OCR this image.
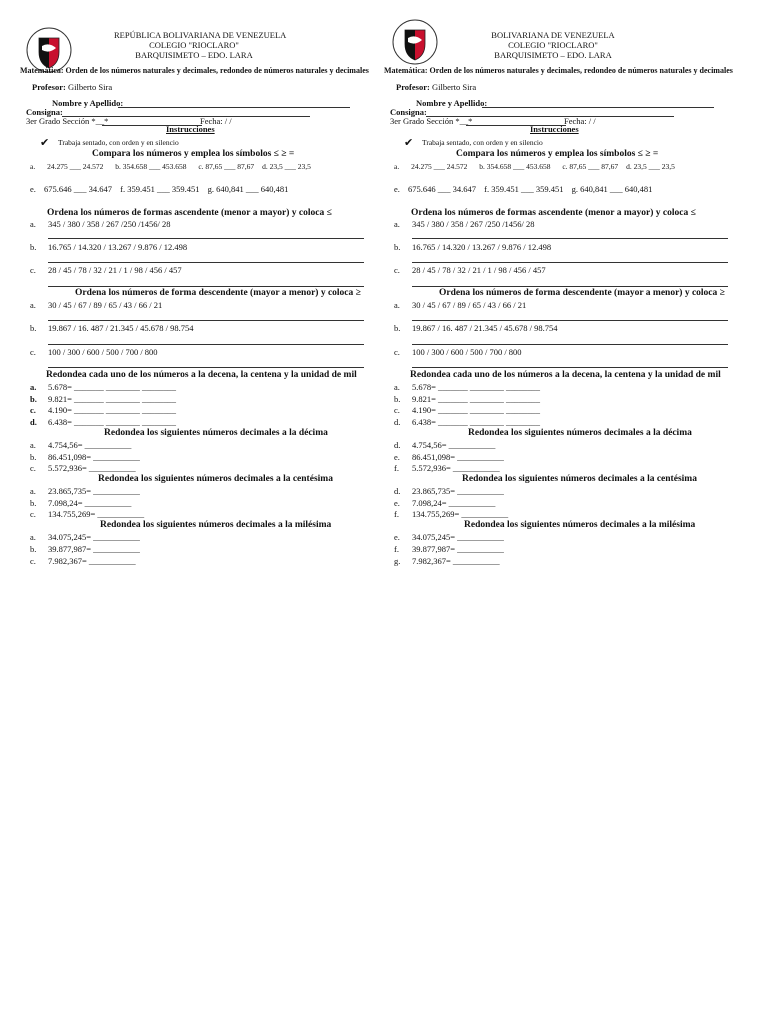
REPÚBLICA BOLIVARIANA DE VENEZUELA
COLEGIO "RIOCLARO"
BARQUISIMETO – EDO. LARA
Matemática: Orden de los números naturales y decimales, redondeo de números naturales y decimales
Profesor: Gilberto Sira
Nombre y Apellido:
Consigna:
3er Grado Sección *__*	Fecha: / /
Instrucciones
✔ Trabaja sentado, con orden y en silencio
Compara los números y emplea los símbolos ≤ ≥ =
a. 24.275 ___ 24.572 b. 354.658 ___ 453.658 c. 87,65 ___ 87,67 d. 23,5 ___ 23,5
e. 675.646 ___ 34.647 f. 359.451 ___ 359.451 g. 640,841 ___ 640,481
Ordena los números de formas ascendente (menor a mayor) y coloca ≤
a. 345 / 380 / 358 / 267 /250 /1456/ 28
b. 16.765 / 14.320 / 13.267 / 9.876 / 12.498
c. 28 / 45 / 78 / 32 / 21 / 1 / 98 / 456 / 457
Ordena los números de forma descendente (mayor a menor) y coloca ≥
a. 30 / 45 / 67 / 89 / 65 / 43 / 66 / 21
b. 19.867 / 16. 487 / 21.345 / 45.678 / 98.754
c. 100 / 300 / 600 / 500 / 700 / 800
Redondea cada uno de los números a la decena, la centena y la unidad de mil
a. 5.678= _______ ________ ________
b. 9.821= _______ ________ ________
c. 4.190= _______ ________ ________
d. 6.438= _______ ________ ________
Redondea los siguientes números decimales a la décima
a. 4.754,56= ___________
b. 86.451,098= ___________
c. 5.572,936= ___________
Redondea los siguientes números decimales a la centésima
a. 23.865,735= ___________
b. 7.098,24= ___________
c. 134.755,269= ___________
Redondea los siguientes números decimales a la milésima
a. 34.075,245= ___________
b. 39.877,987= ___________
c. 7.982,367= ___________
BOLIVARIANA DE VENEZUELA
COLEGIO "RIOCLARO"
BARQUISIMETO – EDO. LARA
Matemática: Orden de los números naturales y decimales, redondeo de números naturales y decimales
Profesor: Gilberto Sira
Nombre y Apellido:
Consigna:
3er Grado Sección *__*	Fecha: / /
Instrucciones
✔ Trabaja sentado, con orden y en silencio
Compara los números y emplea los símbolos ≤ ≥ =
a. 24.275 ___ 24.572 b. 354.658 ___ 453.658 c. 87,65 ___ 87,67 d. 23,5 ___ 23,5
e. 675.646 ___ 34.647 f. 359.451 ___ 359.451 g. 640,841 ___ 640,481
Ordena los números de formas ascendente (menor a mayor) y coloca ≤
a. 345 / 380 / 358 / 267 /250 /1456/ 28
b. 16.765 / 14.320 / 13.267 / 9.876 / 12.498
c. 28 / 45 / 78 / 32 / 21 / 1 / 98 / 456 / 457
Ordena los números de forma descendente (mayor a menor) y coloca ≥
a. 30 / 45 / 67 / 89 / 65 / 43 / 66 / 21
b. 19.867 / 16. 487 / 21.345 / 45.678 / 98.754
c. 100 / 300 / 600 / 500 / 700 / 800
Redondea cada uno de los números a la decena, la centena y la unidad de mil
a. 5.678= _______ ________ ________
b. 9.821= _______ ________ ________
c. 4.190= _______ ________ ________
d. 6.438= _______ ________ ________
Redondea los siguientes números decimales a la décima
d. 4.754,56= ___________
e. 86.451,098= ___________
f. 5.572,936= ___________
Redondea los siguientes números decimales a la centésima
d. 23.865,735= ___________
e. 7.098,24= ___________
f. 134.755,269= ___________
Redondea los siguientes números decimales a la milésima
e. 34.075,245= ___________
f. 39.877,987= ___________
g. 7.982,367= ___________
